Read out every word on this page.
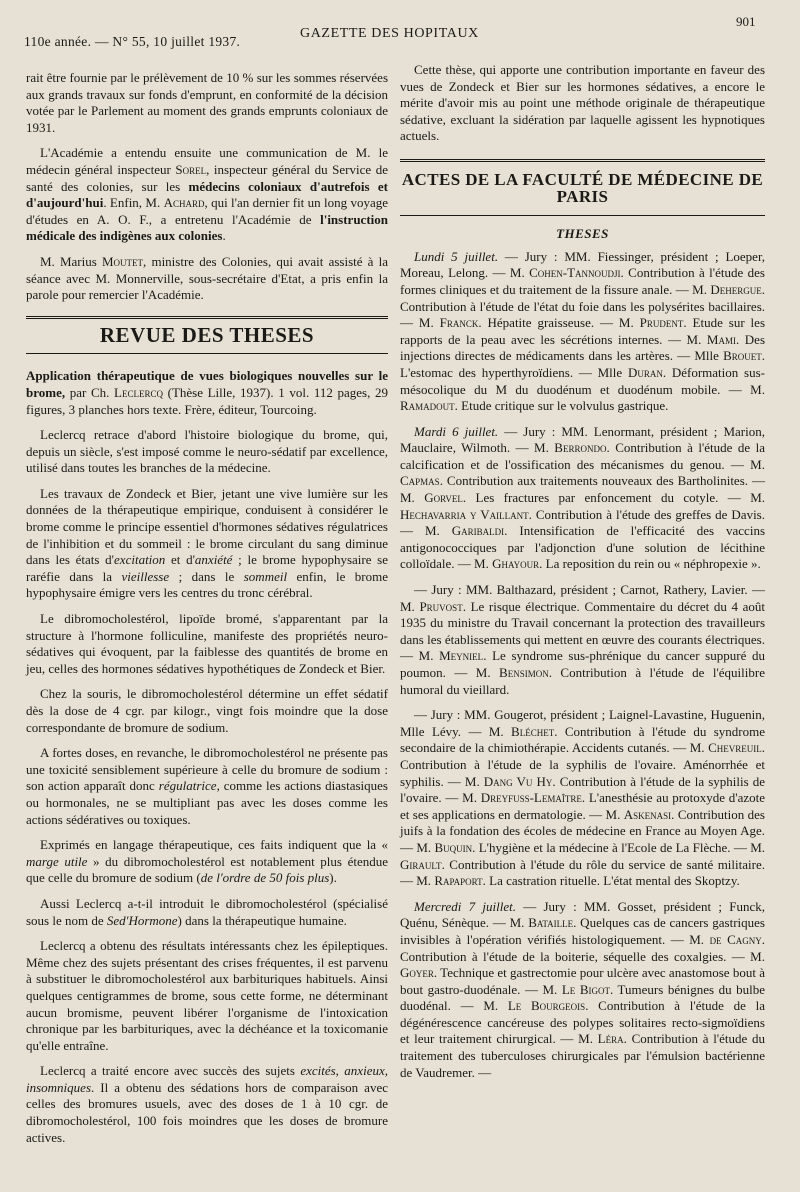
110e année. — N° 55, 10 juillet 1937.
GAZETTE DES HOPITAUX
901

rait être fournie par le prélèvement de 10 % sur les sommes réservées aux grands travaux sur fonds d'emprunt, en conformité de la décision votée par le Parlement au moment des grands emprunts coloniaux de 1931.

L'Académie a entendu ensuite une communication de M. le médecin général inspecteur Sorel, inspecteur général du Service de santé des colonies, sur les médecins coloniaux d'autrefois et d'aujourd'hui. Enfin, M. Achard, qui l'an dernier fit un long voyage d'études en A. O. F., a entretenu l'Académie de l'instruction médicale des indigènes aux colonies.

M. Marius Moutet, ministre des Colonies, qui avait assisté à la séance avec M. Monnerville, sous-secrétaire d'Etat, a pris enfin la parole pour remercier l'Académie.

REVUE DES THESES

Application thérapeutique de vues biologiques nouvelles sur le brome, par Ch. Leclercq (Thèse Lille, 1937). 1 vol. 112 pages, 29 figures, 3 planches hors texte. Frère, éditeur, Tourcoing.

Leclercq retrace d'abord l'histoire biologique du brome, qui, depuis un siècle, s'est imposé comme le neuro-sédatif par excellence, utilisé dans toutes les branches de la médecine.

Les travaux de Zondeck et Bier, jetant une vive lumière sur les données de la thérapeutique empirique, conduisent à considérer le brome comme le principe essentiel d'hormones sédatives régulatrices de l'inhibition et du sommeil : le brome circulant du sang diminue dans les états d'excitation et d'anxiété ; le brome hypophysaire se raréfie dans la vieillesse ; dans le sommeil enfin, le brome hypophysaire émigre vers les centres du tronc cérébral.

Le dibromocholestérol, lipoïde bromé, s'apparentant par la structure à l'hormone folliculine, manifeste des propriétés neuro-sédatives qui évoquent, par la faiblesse des quantités de brome en jeu, celles des hormones sédatives hypothétiques de Zondeck et Bier.

Chez la souris, le dibromocholestérol détermine un effet sédatif dès la dose de 4 cgr. par kilogr., vingt fois moindre que la dose correspondante de bromure de sodium.

A fortes doses, en revanche, le dibromocholestérol ne présente pas une toxicité sensiblement supérieure à celle du bromure de sodium : son action apparaît donc régulatrice, comme les actions diastasiques ou hormonales, ne se multipliant pas avec les doses comme les actions sédératives ou toxiques.

Exprimés en langage thérapeutique, ces faits indiquent que la « marge utile » du dibromocholestérol est notablement plus étendue que celle du bromure de sodium (de l'ordre de 50 fois plus).

Aussi Leclercq a-t-il introduit le dibromocholestérol (spécialisé sous le nom de Sed'Hormone) dans la thérapeutique humaine.

Leclercq a obtenu des résultats intéressants chez les épileptiques. Même chez des sujets présentant des crises fréquentes, il est parvenu à substituer le dibromocholestérol aux barbituriques habituels. Ainsi quelques centigrammes de brome, sous cette forme, ne déterminant aucun bromisme, peuvent libérer l'organisme de l'intoxication chronique par les barbituriques, avec la déchéance et la toxicomanie qu'elle entraîne.

Leclercq a traité encore avec succès des sujets excités, anxieux, insomniques. Il a obtenu des sédations hors de comparaison avec celles des bromures usuels, avec des doses de 1 à 10 cgr. de dibromocholestérol, 100 fois moindres que les doses de bromure actives.

Cette thèse, qui apporte une contribution importante en faveur des vues de Zondeck et Bier sur les hormones sédatives, a encore le mérite d'avoir mis au point une méthode originale de thérapeutique sédative, excluant la sidération par laquelle agissent les hypnotiques actuels.

ACTES DE LA FACULTÉ DE MÉDECINE DE PARIS
THESES

Lundi 5 juillet. — Jury : MM. Fiessinger, président ; Loeper, Moreau, Lelong. — M. Cohen-Tannoudji. Contribution à l'étude des formes cliniques et du traitement de la fissure anale. — M. Dehergue. Contribution à l'étude de l'état du foie dans les polysérites bacillaires. — M. Franck. Hépatite graisseuse. — M. Prudent. Etude sur les rapports de la peau avec les sécrétions internes. — M. Mami. Des injections directes de médicaments dans les artères. — Mlle Brouet. L'estomac des hyperthyroïdiens. — Mlle Duran. Déformation sus-mésocolique du M du duodénum et duodénum mobile. — M. Ramadout. Etude critique sur le volvulus gastrique.

Mardi 6 juillet. — Jury : MM. Lenormant, président ; Marion, Mauclaire, Wilmoth. — M. Berrondo. Contribution à l'étude de la calcification et de l'ossification des mécanismes du genou. — M. Capmas. Contribution aux traitements nouveaux des Bartholinites. — M. Gorvel. Les fractures par enfoncement du cotyle. — M. Hechavarria y Vaillant. Contribution à l'étude des greffes de Davis. — M. Garibaldi. Intensification de l'efficacité des vaccins antigonococciques par l'adjonction d'une solution de lécithine colloïdale. — M. Ghayour. La reposition du rein ou « néphropexie ».

— Jury : MM. Balthazard, président ; Carnot, Rathery, Lavier. — M. Pruvost. Le risque électrique. Commentaire du décret du 4 août 1935 du ministre du Travail concernant la protection des travailleurs dans les établissements qui mettent en œuvre des courants électriques. — M. Meyniel. Le syndrome sus-phrénique du cancer suppuré du poumon. — M. Bensimon. Contribution à l'étude de l'équilibre humoral du vieillard.

— Jury : MM. Gougerot, président ; Laignel-Lavastine, Huguenin, Mlle Lévy. — M. Bléchet. Contribution à l'étude du syndrome secondaire de la chimiothérapie. Accidents cutanés. — M. Chevreuil. Contribution à l'étude de la syphilis de l'ovaire. Aménorrhée et syphilis. — M. Dang Vu Hy. Contribution à l'étude de la syphilis de l'ovaire. — M. Dreyfuss-Lemaître. L'anesthésie au protoxyde d'azote et ses applications en dermatologie. — M. Askenasi. Contribution des juifs à la fondation des écoles de médecine en France au Moyen Age. — M. Buquin. L'hygiène et la médecine à l'Ecole de La Flèche. — M. Girault. Contribution à l'étude du rôle du service de santé militaire. — M. Rapaport. La castration rituelle. L'état mental des Skoptzy.

Mercredi 7 juillet. — Jury : MM. Gosset, président ; Funck, Quénu, Sénèque. — M. Bataille. Quelques cas de cancers gastriques invisibles à l'opération vérifiés histologiquement. — M. de Cagny. Contribution à l'étude de la boiterie, séquelle des coxalgies. — M. Goyer. Technique et gastrectomie pour ulcère avec anastomose bout à bout gastro-duodénale. — M. Le Bigot. Tumeurs bénignes du bulbe duodénal. — M. Le Bourgeois. Contribution à l'étude de la dégénérescence cancéreuse des polypes solitaires recto-sigmoïdiens et leur traitement chirurgical. — M. Léra. Contribution à l'étude du traitement des tuberculoses chirurgicales par l'émulsion bactérienne de Vaudremer. —
